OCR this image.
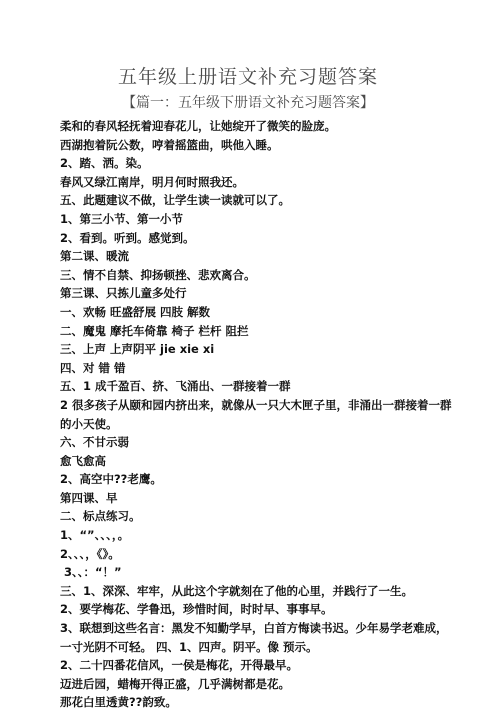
五年级上册语文补充习题答案
【篇一：五年级下册语文补充习题答案】
柔和的春风轻抚着迎春花儿，让她绽开了微笑的脸庞。
西湖抱着阮公数，哼着摇篮曲，哄他入睡。
2、踏、洒。染。
春风又绿江南岸，明月何时照我还。
五、此题建议不做，让学生读一读就可以了。
1、第三小节、第一小节
2、看到。听到。感觉到。
第二课、暖流
三、情不自禁、抑扬顿挫、悲欢离合。
第三课、只拣儿童多处行
一、欢畅 旺盛舒展 四肢 解数
二、魔鬼 摩托车倚靠 椅子 栏杆 阻拦
三、上声 上声阴平 jie xie xi
四、对 错 错
五、1 成千盈百、挤、飞涌出、一群接着一群
2 很多孩子从颐和园内挤出来，就像从一只大木匣子里，非涌出一群接着一群的小天使。
六、不甘示弱
愈飞愈高
2、高空中??老鹰。
第四课、早
二、标点练习。
1、“”、、、，。
2、、、，《》。
3、、：“！”
三、1、深深、牢牢，从此这个字就刻在了他的心里，并践行了一生。
2、要学梅花、学鲁迅，珍惜时间，时时早、事事早。
3、联想到这些名言：黑发不知勤学早，白首方悔读书迟。少年易学老难成，一寸光阴不可轻。 四、1、四声。阴平。像 预示。
2、二十四番花信风，一侯是梅花，开得最早。
迈进后园，蜡梅开得正盛，几乎满树都是花。
那花白里透黄??韵致。
